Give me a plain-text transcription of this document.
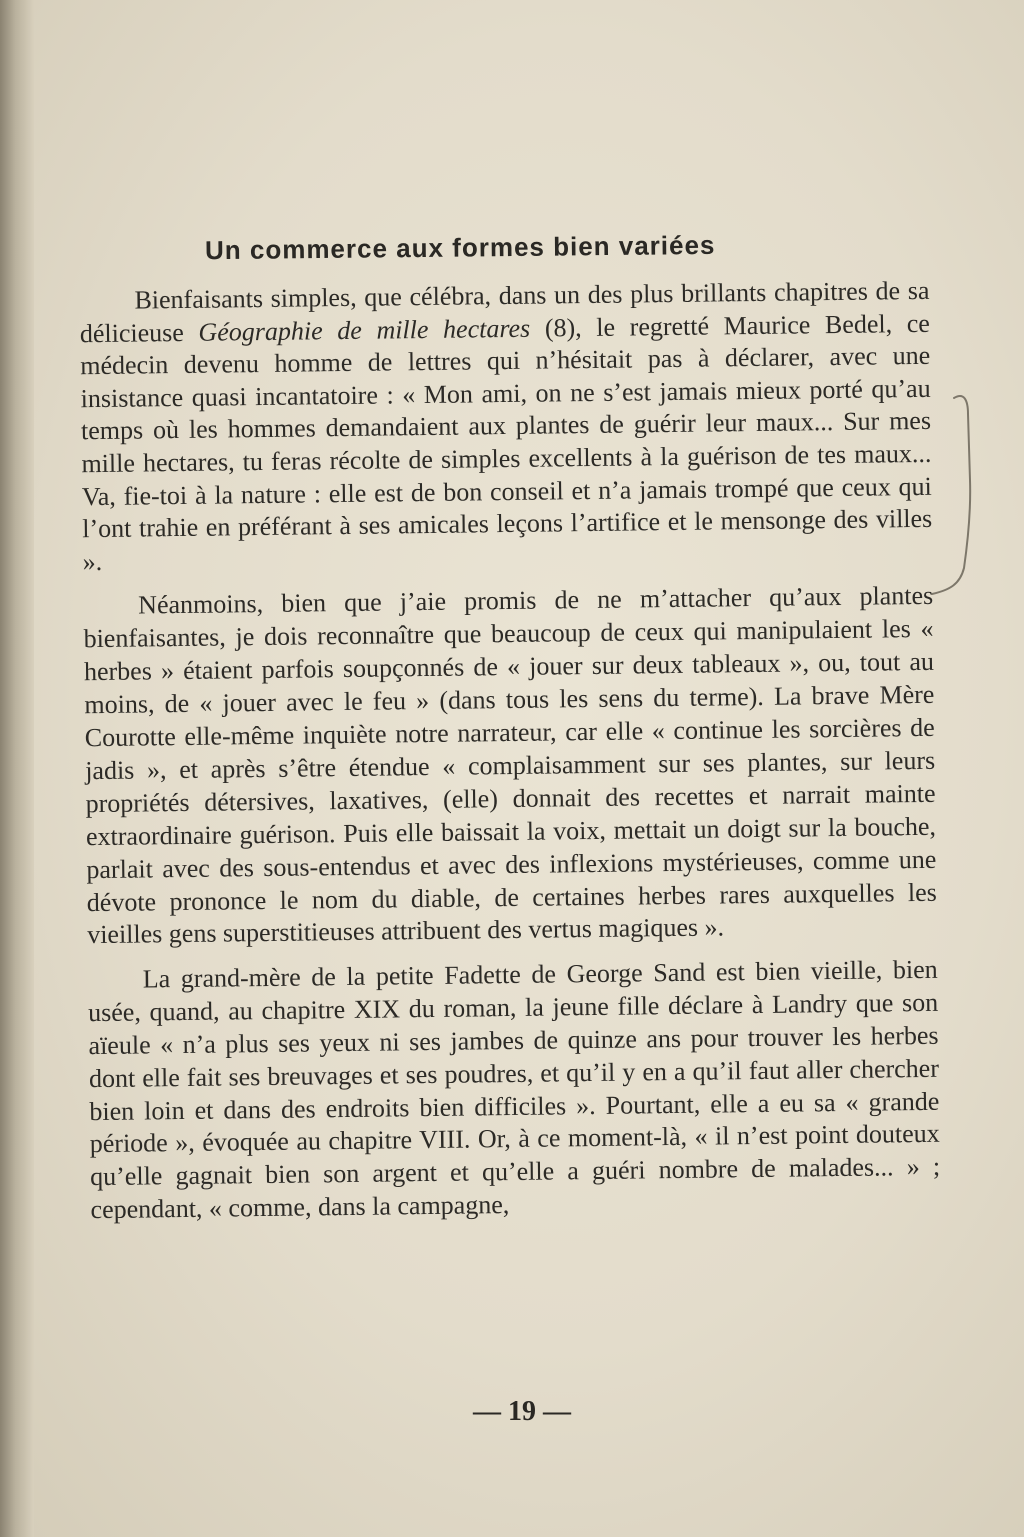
Un commerce aux formes bien variées

Bienfaisants simples, que célébra, dans un des plus brillants chapitres de sa délicieuse Géographie de mille hectares (8), le regretté Maurice Bedel, ce médecin devenu homme de lettres qui n’hésitait pas à déclarer, avec une insistance quasi incantatoire : « Mon ami, on ne s’est jamais mieux porté qu’au temps où les hommes demandaient aux plantes de guérir leur maux... Sur mes mille hectares, tu feras récolte de simples excellents à la guérison de tes maux... Va, fie-toi à la nature : elle est de bon conseil et n’a jamais trompé que ceux qui l’ont trahie en préférant à ses amicales leçons l’artifice et le mensonge des villes ».

Néanmoins, bien que j’aie promis de ne m’attacher qu’aux plantes bienfaisantes, je dois reconnaître que beaucoup de ceux qui manipulaient les « herbes » étaient parfois soupçonnés de « jouer sur deux tableaux », ou, tout au moins, de « jouer avec le feu » (dans tous les sens du terme). La brave Mère Courotte elle-même inquiète notre narrateur, car elle « continue les sorcières de jadis », et après s’être étendue « complaisamment sur ses plantes, sur leurs propriétés détersives, laxatives, (elle) donnait des recettes et narrait mainte extraordinaire guérison. Puis elle baissait la voix, mettait un doigt sur la bouche, parlait avec des sous-entendus et avec des inflexions mystérieuses, comme une dévote prononce le nom du diable, de certaines herbes rares auxquelles les vieilles gens superstitieuses attribuent des vertus magiques ».

La grand-mère de la petite Fadette de George Sand est bien vieille, bien usée, quand, au chapitre XIX du roman, la jeune fille déclare à Landry que son aïeule « n’a plus ses yeux ni ses jambes de quinze ans pour trouver les herbes dont elle fait ses breuvages et ses poudres, et qu’il y en a qu’il faut aller chercher bien loin et dans des endroits bien difficiles ». Pourtant, elle a eu sa « grande période », évoquée au chapitre VIII. Or, à ce moment-là, « il n’est point douteux qu’elle gagnait bien son argent et qu’elle a guéri nombre de malades... » ; cependant, « comme, dans la campagne,

— 19 —
